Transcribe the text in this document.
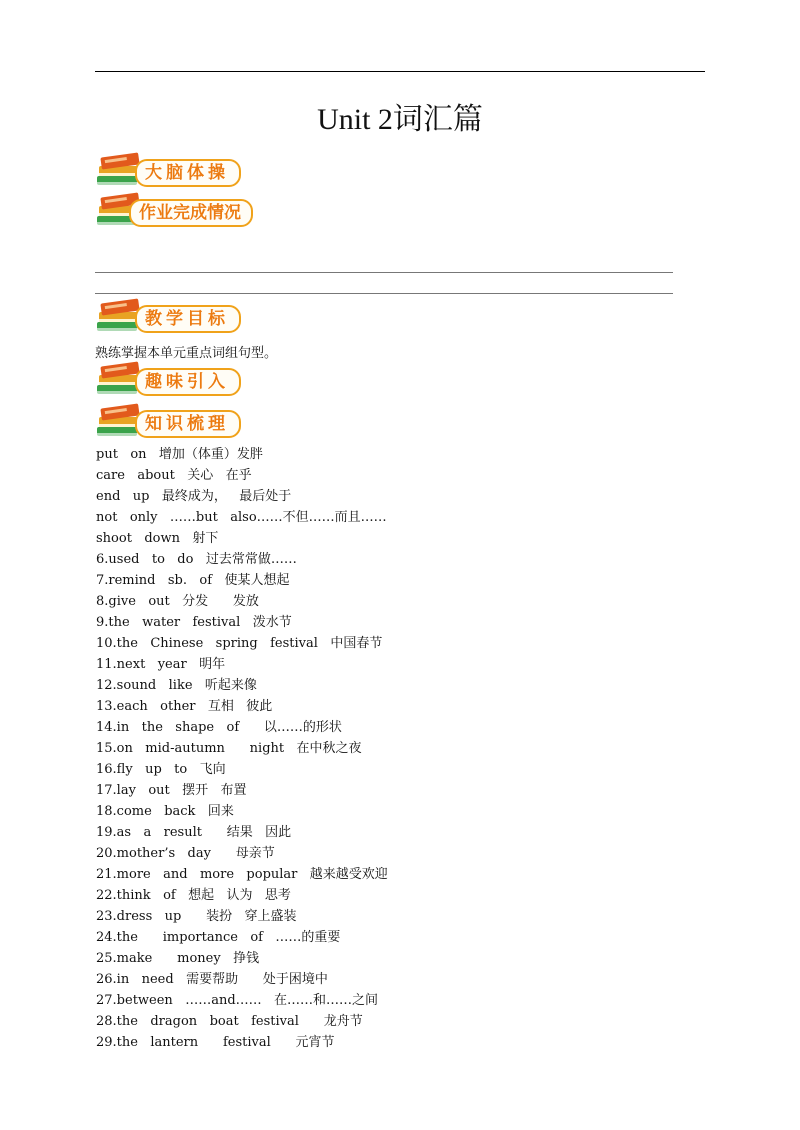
Unit 2词汇篇
大脑体操
作业完成情况
教学目标
熟练掌握本单元重点词组句型。
趣味引入
知识梳理
put   on   增加（体重）发胖
care   about   关心   在乎
end   up   最终成为，   最后处于
not   only   ……but   also……不但……而且……
shoot   down   射下
6.used   to   do   过去常常做……
7.remind   sb.   of   使某人想起
8.give   out   分发      发放
9.the   water   festival   泼水节
10.the   Chinese   spring   festival   中国春节
11.next   year   明年
12.sound   like   听起来像
13.each   other   互相   彼此
14.in   the   shape   of      以……的形状
15.on   mid-autumn      night   在中秋之夜
16.fly   up   to   飞向
17.lay   out   摆开   布置
18.come   back   回来
19.as   a   result      结果   因此
20.mother’s   day      母亲节
21.more   and   more   popular   越来越受欢迎
22.think   of   想起   认为   思考
23.dress   up      装扮   穿上盛装
24.the      importance   of   ……的重要
25.make      money   挣钱
26.in   need   需要帮助      处于困境中
27.between   ……and……   在……和……之间
28.the   dragon   boat   festival      龙舟节
29.the   lantern      festival      元宵节
